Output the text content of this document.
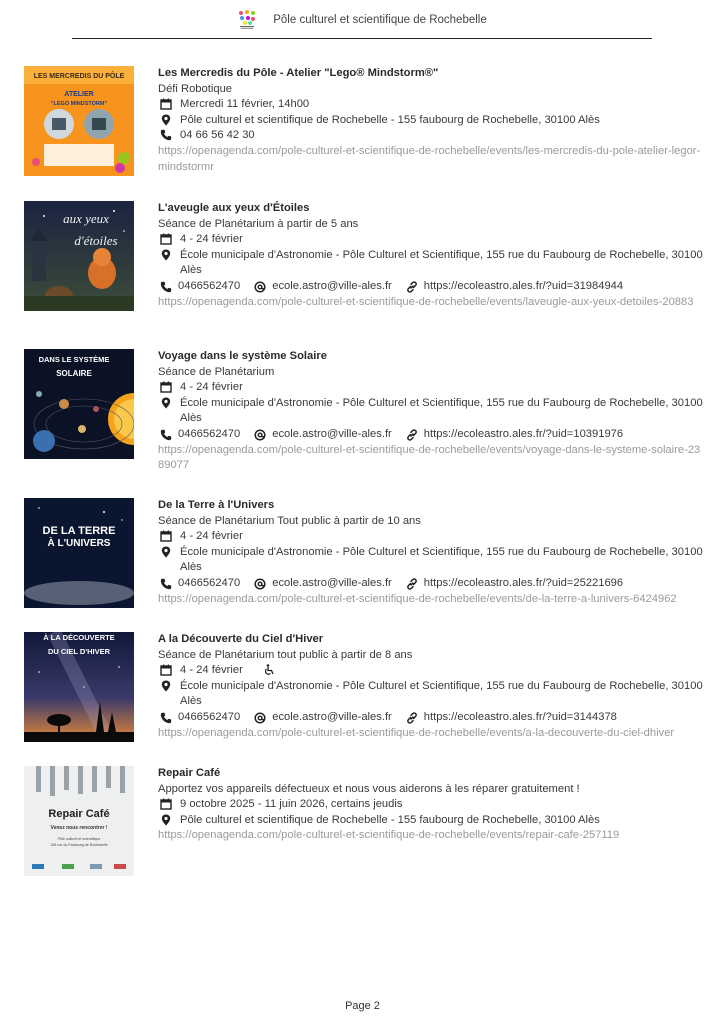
Pôle culturel et scientifique de Rochebelle
LES MERCREDIS DU PÔLE
ATELIER
"LEGO MINDSTORM"
Les Mercredis du Pôle - Atelier "Lego® Mindstorm®"
Défi Robotique
Mercredi 11 février, 14h00
Pôle culturel et scientifique de Rochebelle - 155 faubourg de Rochebelle, 30100 Alès
04 66 56 42 30
https://openagenda.com/pole-culturel-et-scientifique-de-rochebelle/events/les-mercredis-du-pole-atelier-legor-mindstormr
aux yeux
d'étoiles
L'aveugle aux yeux d'Étoiles
Séance de Planétarium à partir de 5 ans
4 - 24 février
École municipale d'Astronomie - Pôle Culturel et Scientifique, 155 rue du Faubourg de Rochebelle, 30100 Alès
0466562470	ecole.astro@ville-ales.fr	https://ecoleastro.ales.fr/?uid=31984944
https://openagenda.com/pole-culturel-et-scientifique-de-rochebelle/events/laveugle-aux-yeux-detoiles-20883
DANS LE SYSTÈME
SOLAIRE
Voyage dans le système Solaire
Séance de Planétarium
4 - 24 février
École municipale d'Astronomie - Pôle Culturel et Scientifique, 155 rue du Faubourg de Rochebelle, 30100 Alès
0466562470	ecole.astro@ville-ales.fr	https://ecoleastro.ales.fr/?uid=10391976
https://openagenda.com/pole-culturel-et-scientifique-de-rochebelle/events/voyage-dans-le-systeme-solaire-2389077
DE LA TERRE
À L'UNIVERS
De la Terre à l'Univers
Séance de Planétarium Tout public à partir de 10 ans
4 - 24 février
École municipale d'Astronomie - Pôle Culturel et Scientifique, 155 rue du Faubourg de Rochebelle, 30100 Alès
0466562470	ecole.astro@ville-ales.fr	https://ecoleastro.ales.fr/?uid=25221696
https://openagenda.com/pole-culturel-et-scientifique-de-rochebelle/events/de-la-terre-a-lunivers-6424962
À LA DÉCOUVERTE
DU CIEL D'HIVER
A la Découverte du Ciel d'Hiver
Séance de Planétarium tout public à partir de 8 ans
4 - 24 février
École municipale d'Astronomie - Pôle Culturel et Scientifique, 155 rue du Faubourg de Rochebelle, 30100 Alès
0466562470	ecole.astro@ville-ales.fr	https://ecoleastro.ales.fr/?uid=3144378
https://openagenda.com/pole-culturel-et-scientifique-de-rochebelle/events/a-la-decouverte-du-ciel-dhiver
Repair Café
Venez nous rencontrer !
Pôle culturel et scientifique
155 rue du Faubourg de Rochebelle
Repair Café
Apportez vos appareils défectueux et nous vous aiderons à les réparer gratuitement !
9 octobre 2025 - 11 juin 2026, certains jeudis
Pôle culturel et scientifique de Rochebelle - 155 faubourg de Rochebelle, 30100 Alès
https://openagenda.com/pole-culturel-et-scientifique-de-rochebelle/events/repair-cafe-257119
Page 2
